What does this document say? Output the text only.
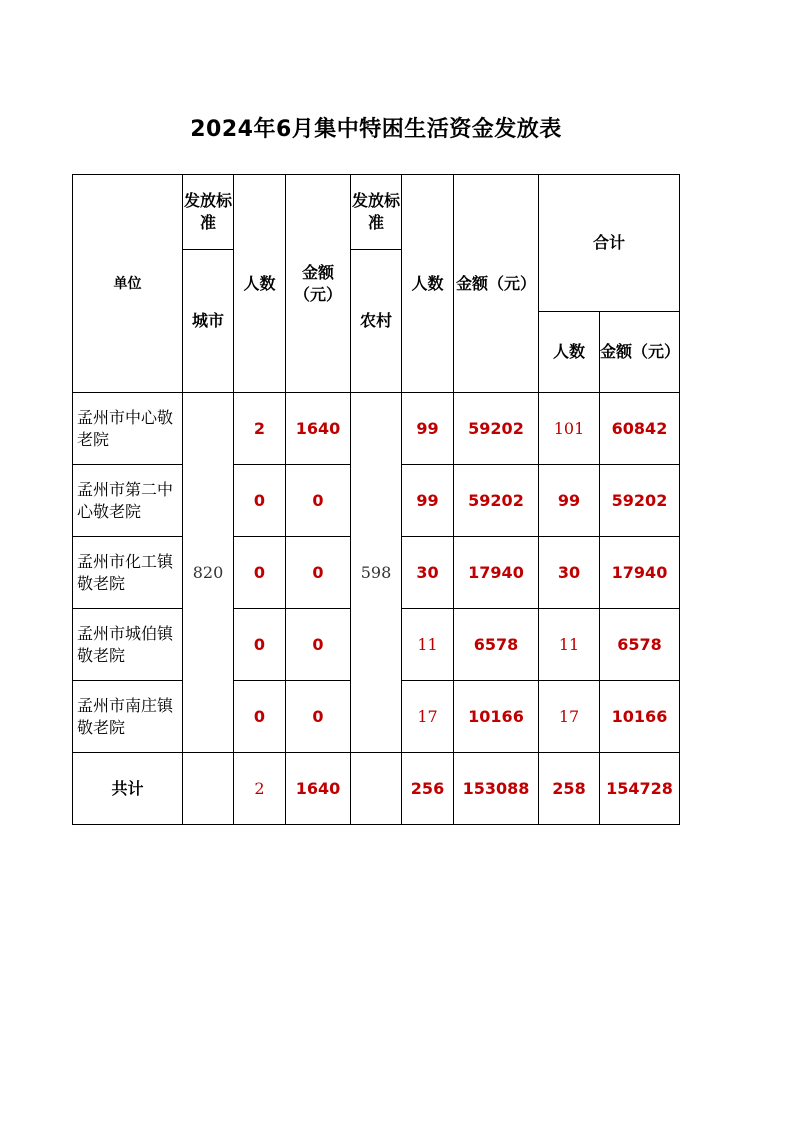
2024年6月集中特困生活资金发放表
单位	发放标准	人数	金额（元）	发放标准	人数	金额（元）	合计	
	城市			农村				
							人数	金额（元）
孟州市中心敬老院	820	2	1640	598	99	59202	101	60842
孟州市第二中心敬老院		0	0		99	59202	99	59202
孟州市化工镇敬老院		0	0		30	17940	30	17940
孟州市城伯镇敬老院		0	0		11	6578	11	6578
孟州市南庄镇敬老院		0	0		17	10166	17	10166
共计		2	1640		256	153088	258	154728
